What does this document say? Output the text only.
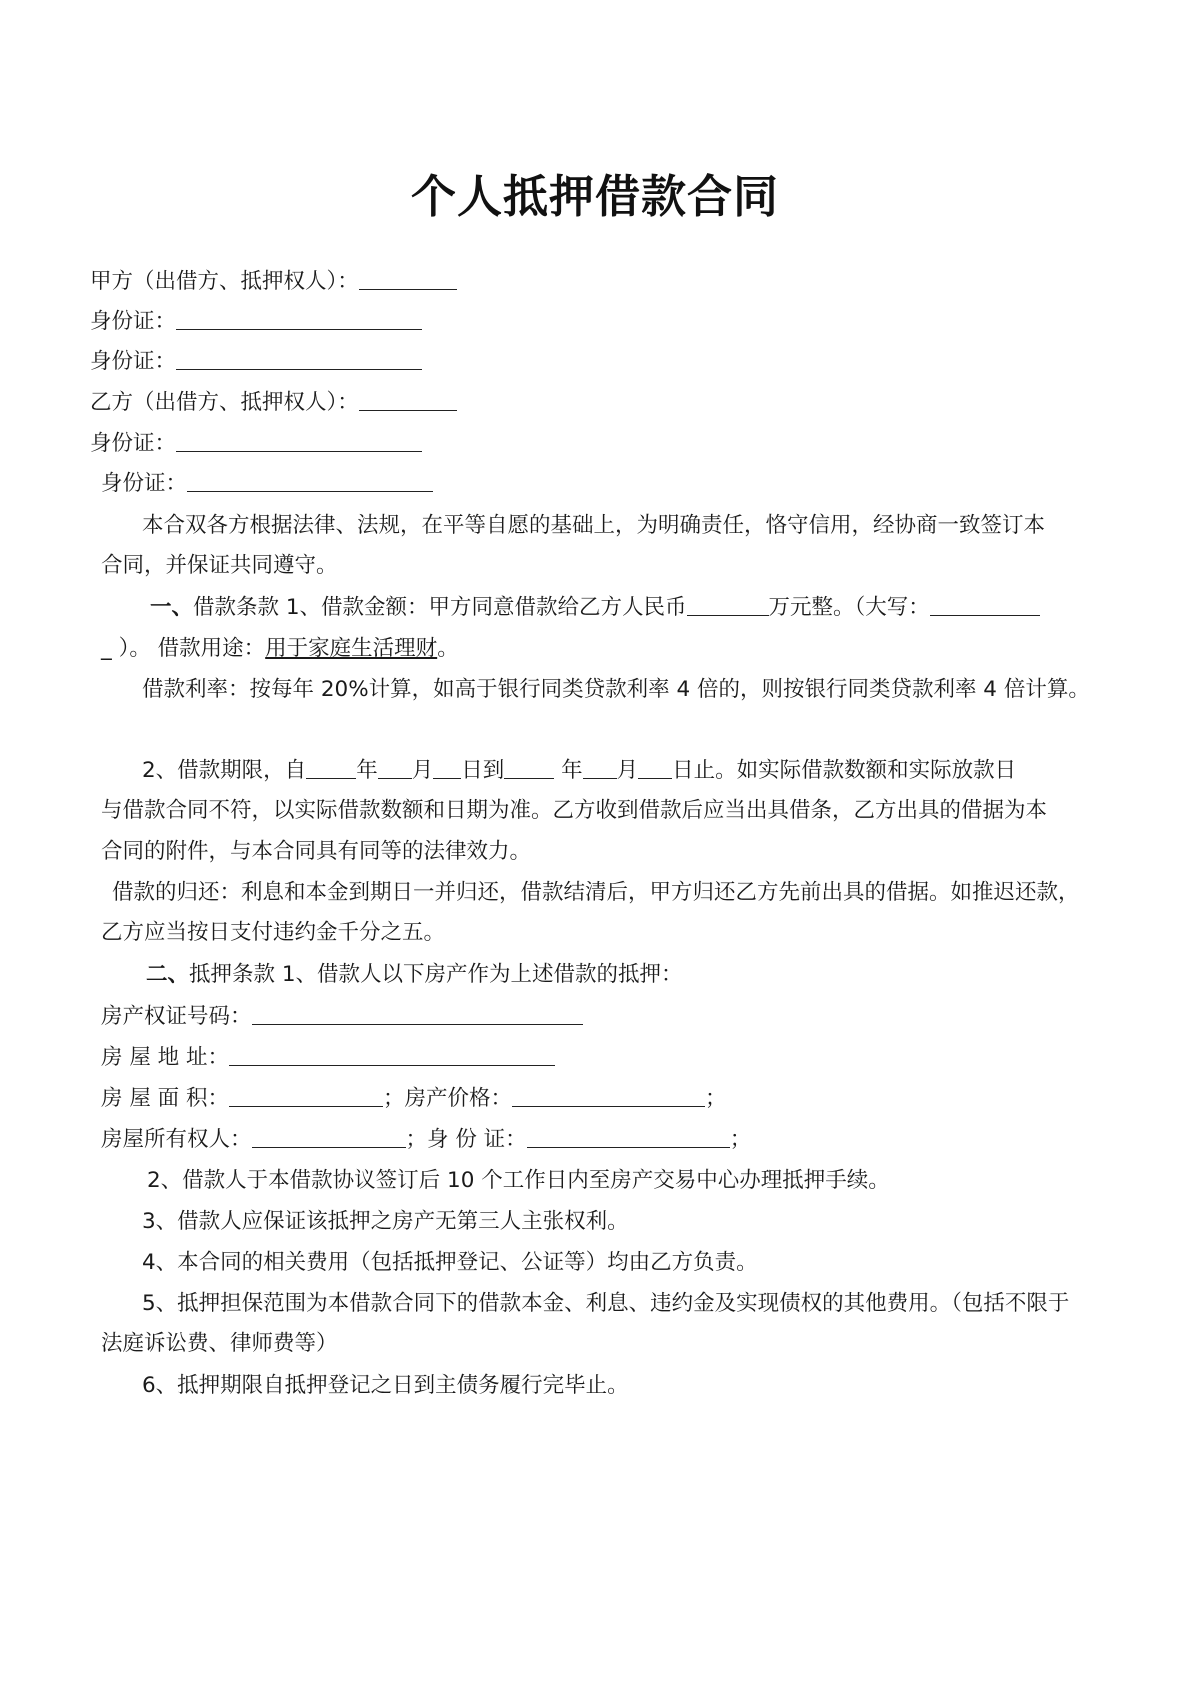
个人抵押借款合同
甲方（出借方、抵押权人）：
身份证：
身份证：
乙方（出借方、抵押权人）：
身份证：
身份证：
本合双各方根据法律、法规，在平等自愿的基础上，为明确责任，恪守信用，经协商一致签订本
合同，并保证共同遵守。
一、借款条款 1、借款金额：甲方同意借款给乙方人民币	万元整。（大写：
_ ）。 借款用途：用于家庭生活理财。
借款利率：按每年 20%计算，如高于银行同类贷款利率 4 倍的，则按银行同类贷款利率 4 倍计算。
2、借款期限，自 年 月 日到 年 月 日止。如实际借款数额和实际放款日
与借款合同不符，以实际借款数额和日期为准。乙方收到借款后应当出具借条，乙方出具的借据为本
合同的附件，与本合同具有同等的法律效力。
借款的归还：利息和本金到期日一并归还，借款结清后，甲方归还乙方先前出具的借据。如推迟还款，
乙方应当按日支付违约金千分之五。
二、抵押条款 1、借款人以下房产作为上述借款的抵押：
房产权证号码：
房 屋 地 址：
房 屋 面 积：	；房产价格：	；
房屋所有权人：	；身 份 证：	；
2、借款人于本借款协议签订后 10 个工作日内至房产交易中心办理抵押手续。
3、借款人应保证该抵押之房产无第三人主张权利。
4、本合同的相关费用（包括抵押登记、公证等）均由乙方负责。
5、抵押担保范围为本借款合同下的借款本金、利息、违约金及实现债权的其他费用。（包括不限于
法庭诉讼费、律师费等）
6、抵押期限自抵押登记之日到主债务履行完毕止。
